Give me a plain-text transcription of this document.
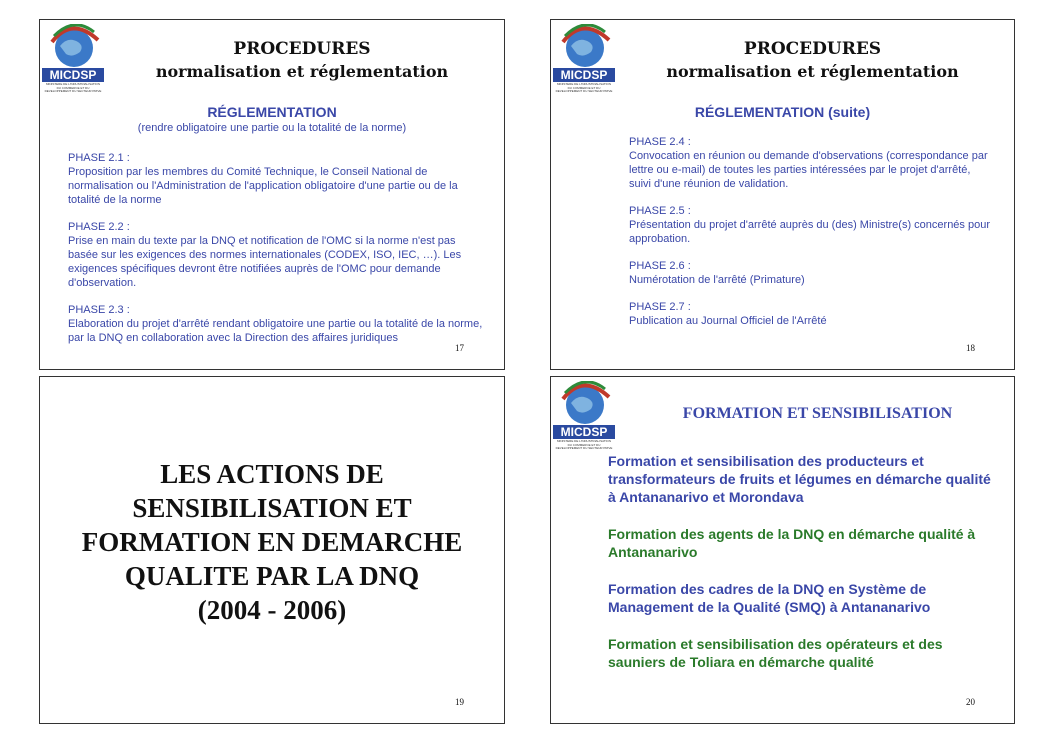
MICDSP
MINISTERE DE L'INDUSTRIALISATION DU COMMERCE ET DU DEVELOPPEMENT DU SECTEUR PRIVE
PROCEDURES
normalisation et réglementation
RÉGLEMENTATION
(rendre obligatoire une partie ou la totalité de la norme)

PHASE 2.1 :
Proposition par les membres du Comité Technique, le Conseil National de normalisation ou l'Administration de l'application obligatoire d'une partie ou de la totalité de la norme

PHASE 2.2 :
Prise en main du texte par la DNQ et notification de l'OMC si la norme n'est pas basée sur les exigences des normes internationales (CODEX, ISO, IEC, …). Les exigences spécifiques devront être notifiées auprès de l'OMC pour demande d'observation.

PHASE 2.3 :
Elaboration du projet d'arrêté rendant obligatoire une partie ou la totalité de la norme, par la DNQ en collaboration avec la Direction des affaires juridiques

17
MICDSP
MINISTERE DE L'INDUSTRIALISATION DU COMMERCE ET DU DEVELOPPEMENT DU SECTEUR PRIVE
PROCEDURES
normalisation et réglementation
RÉGLEMENTATION (suite)

PHASE 2.4 :
Convocation en réunion ou demande d'observations (correspondance par lettre ou e-mail) de toutes les parties intéressées par le projet d'arrêté, suivi d'une réunion de validation.

PHASE 2.5 :
Présentation du projet d'arrêté auprès du (des) Ministre(s) concernés pour approbation.

PHASE 2.6 :
Numérotation de l'arrêté (Primature)

PHASE 2.7 :
Publication au Journal Officiel de l'Arrêté

18
LES ACTIONS DE
SENSIBILISATION ET
FORMATION EN DEMARCHE
QUALITE PAR LA DNQ
(2004 - 2006)
19
MICDSP
MINISTERE DE L'INDUSTRIALISATION DU COMMERCE ET DU DEVELOPPEMENT DU SECTEUR PRIVE
FORMATION ET SENSIBILISATION

Formation et sensibilisation des producteurs et transformateurs de fruits et légumes en démarche qualité à Antananarivo et Morondava

Formation des agents de la DNQ en démarche qualité à Antananarivo

Formation des cadres de la DNQ en Système de Management de la Qualité (SMQ) à Antananarivo

Formation et sensibilisation des opérateurs et des sauniers de Toliara en démarche qualité

20
